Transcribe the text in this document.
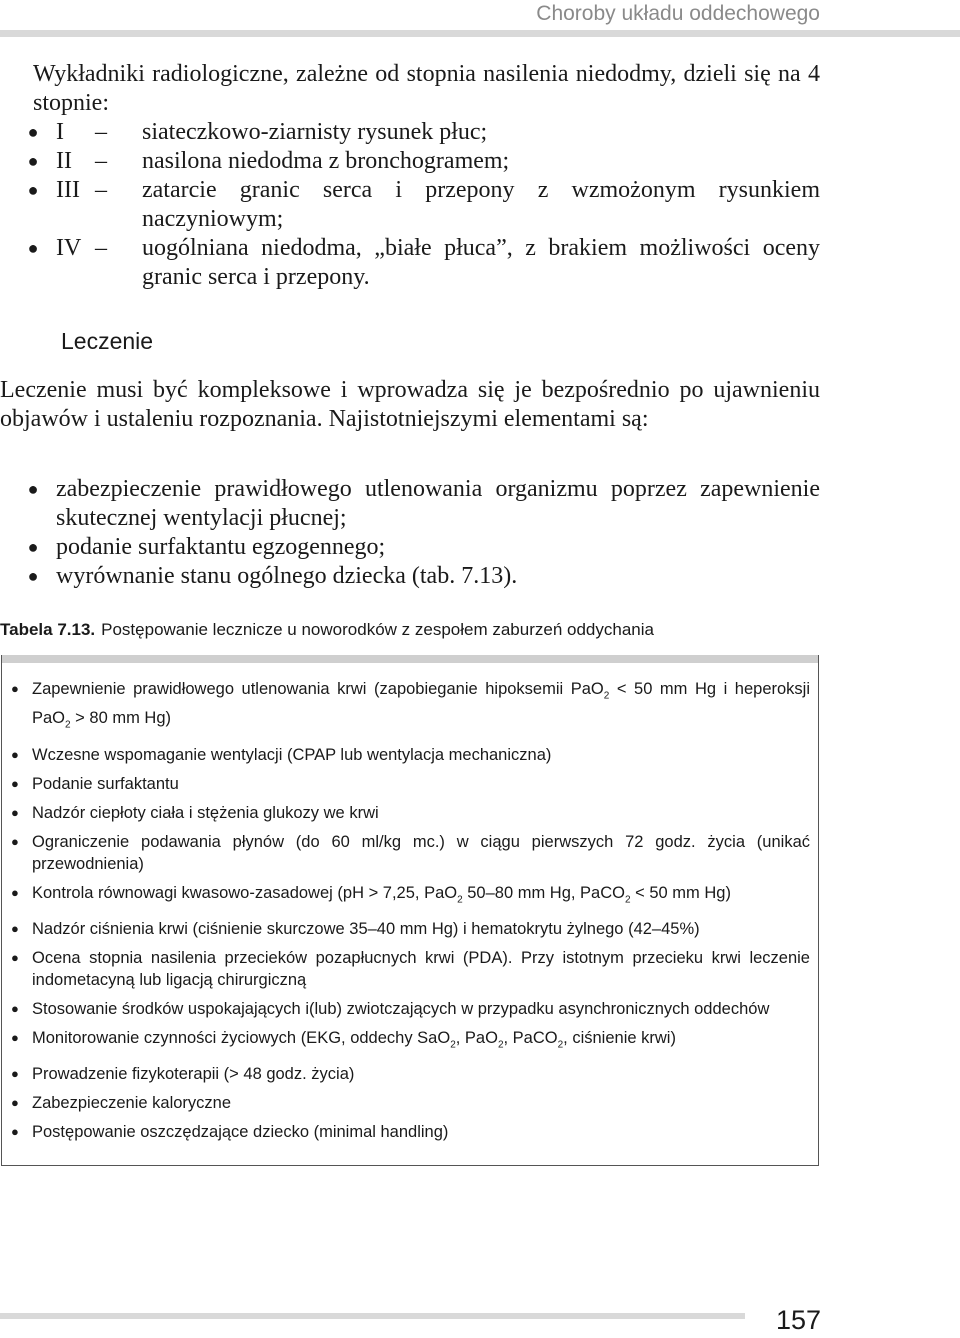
Choroby układu oddechowego

Wykładniki radiologiczne, zależne od stopnia nasilenia niedodmy, dzieli się na 4 stopnie:

● I – siateczkowo-ziarnisty rysunek płuc;
● II – nasilona niedodma z bronchogramem;
● III – zatarcie granic serca i przepony z wzmożonym rysunkiem naczyniowym;
● IV – uogólniana niedodma, „białe płuca”, z brakiem możliwości oceny granic serca i przepony.
Leczenie

Leczenie musi być kompleksowe i wprowadza się je bezpośrednio po ujawnieniu objawów i ustaleniu rozpoznania. Najistotniejszymi elementami są:

● zabezpieczenie prawidłowego utlenowania organizmu poprzez zapewnienie skutecznej wentylacji płucnej;
● podanie surfaktantu egzogennego;
● wyrównanie stanu ogólnego dziecka (tab. 7.13).
Tabela 7.13. Postępowanie lecznicze u noworodków z zespołem zaburzeń oddychania
● Zapewnienie prawidłowego utlenowania krwi (zapobieganie hipoksemii PaO$_2$ < 50 mm Hg i heperoksji PaO$_2$ > 80 mm Hg)
● Wczesne wspomaganie wentylacji (CPAP lub wentylacja mechaniczna)
● Podanie surfaktantu
● Nadzór ciepłoty ciała i stężenia glukozy we krwi
● Ograniczenie podawania płynów (do 60 ml/kg mc.) w ciągu pierwszych 72 godz. życia (unikać przewodnienia)
● Kontrola równowagi kwasowo-zasadowej (pH > 7,25, PaO$_2$ 50–80 mm Hg, PaCO$_2$ < 50 mm Hg)
● Nadzór ciśnienia krwi (ciśnienie skurczowe 35–40 mm Hg) i hematokrytu żylnego (42–45%)
● Ocena stopnia nasilenia przecieków pozapłucnych krwi (PDA). Przy istotnym przecieku krwi leczenie indometacyną lub ligacją chirurgiczną
● Stosowanie środków uspokajających i(lub) zwiotczających w przypadku asynchronicznych oddechów
● Monitorowanie czynności życiowych (EKG, oddechy SaO$_2$, PaO$_2$, PaCO$_2$, ciśnienie krwi)
● Prowadzenie fizykoterapii (> 48 godz. życia)
● Zabezpieczenie kaloryczne
● Postępowanie oszczędzające dziecko (minimal handling)
157
